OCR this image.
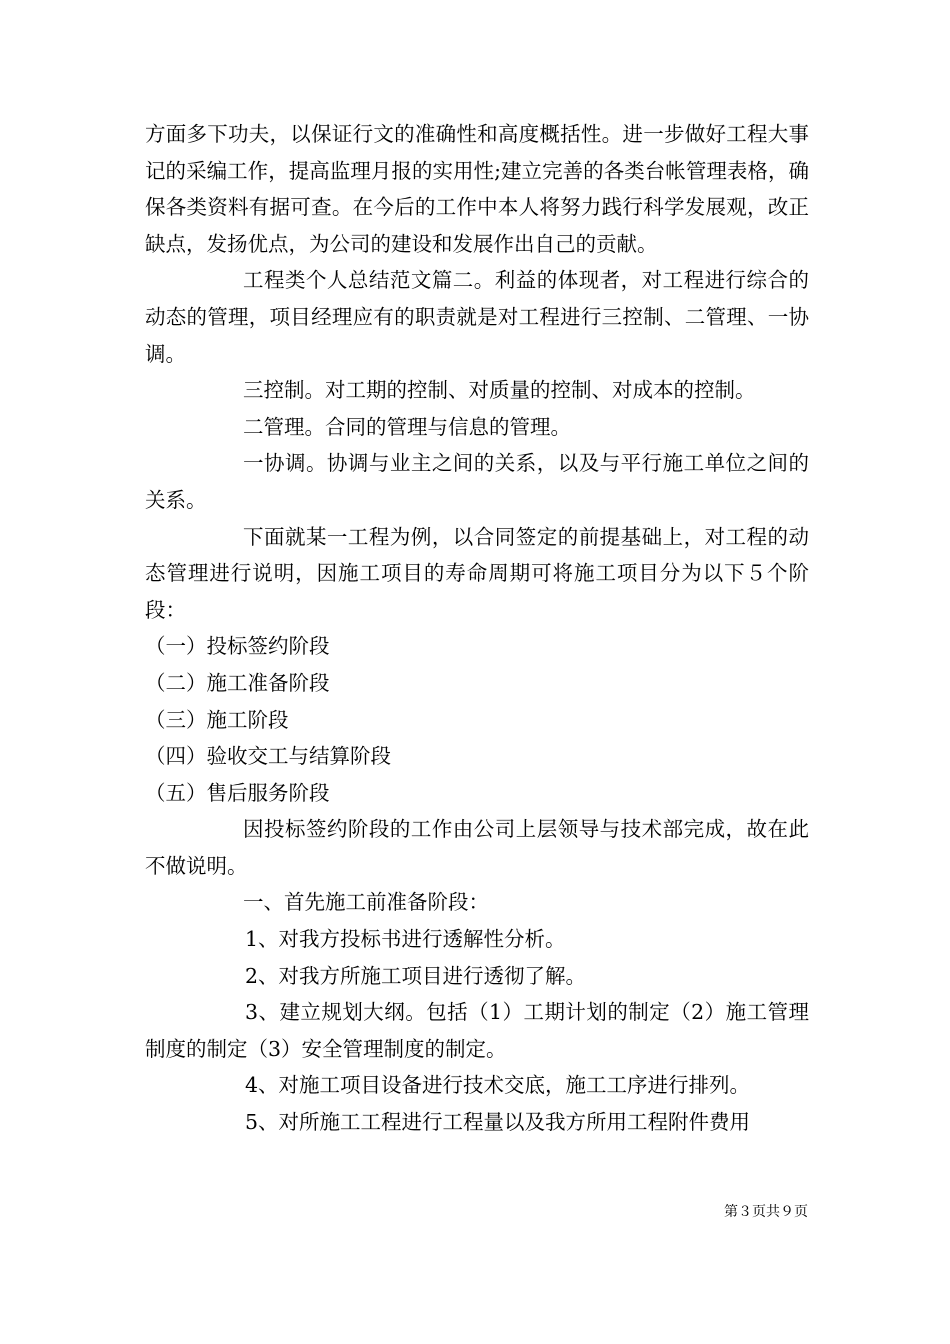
方面多下功夫，以保证行文的准确性和高度概括性。进一步做好工程大事记的采编工作，提高监理月报的实用性;建立完善的各类台帐管理表格，确保各类资料有据可查。在今后的工作中本人将努力践行科学发展观，改正缺点，发扬优点，为公司的建设和发展作出自己的贡献。

工程类个人总结范文篇二。利益的体现者，对工程进行综合的动态的管理，项目经理应有的职责就是对工程进行三控制、二管理、一协调。

三控制。对工期的控制、对质量的控制、对成本的控制。

二管理。合同的管理与信息的管理。

一协调。协调与业主之间的关系，以及与平行施工单位之间的关系。

下面就某一工程为例，以合同签定的前提基础上，对工程的动态管理进行说明，因施工项目的寿命周期可将施工项目分为以下５个阶段：

（一）投标签约阶段

（二）施工准备阶段

（三）施工阶段

（四）验收交工与结算阶段

（五）售后服务阶段

因投标签约阶段的工作由公司上层领导与技术部完成，故在此不做说明。

一、首先施工前准备阶段：

1、对我方投标书进行透解性分析。

2、对我方所施工项目进行透彻了解。

3、建立规划大纲。包括（1）工期计划的制定（2）施工管理制度的制定（3）安全管理制度的制定。

4、对施工项目设备进行技术交底，施工工序进行排列。

5、对所施工工程进行工程量以及我方所用工程附件费用

第３页共９页
